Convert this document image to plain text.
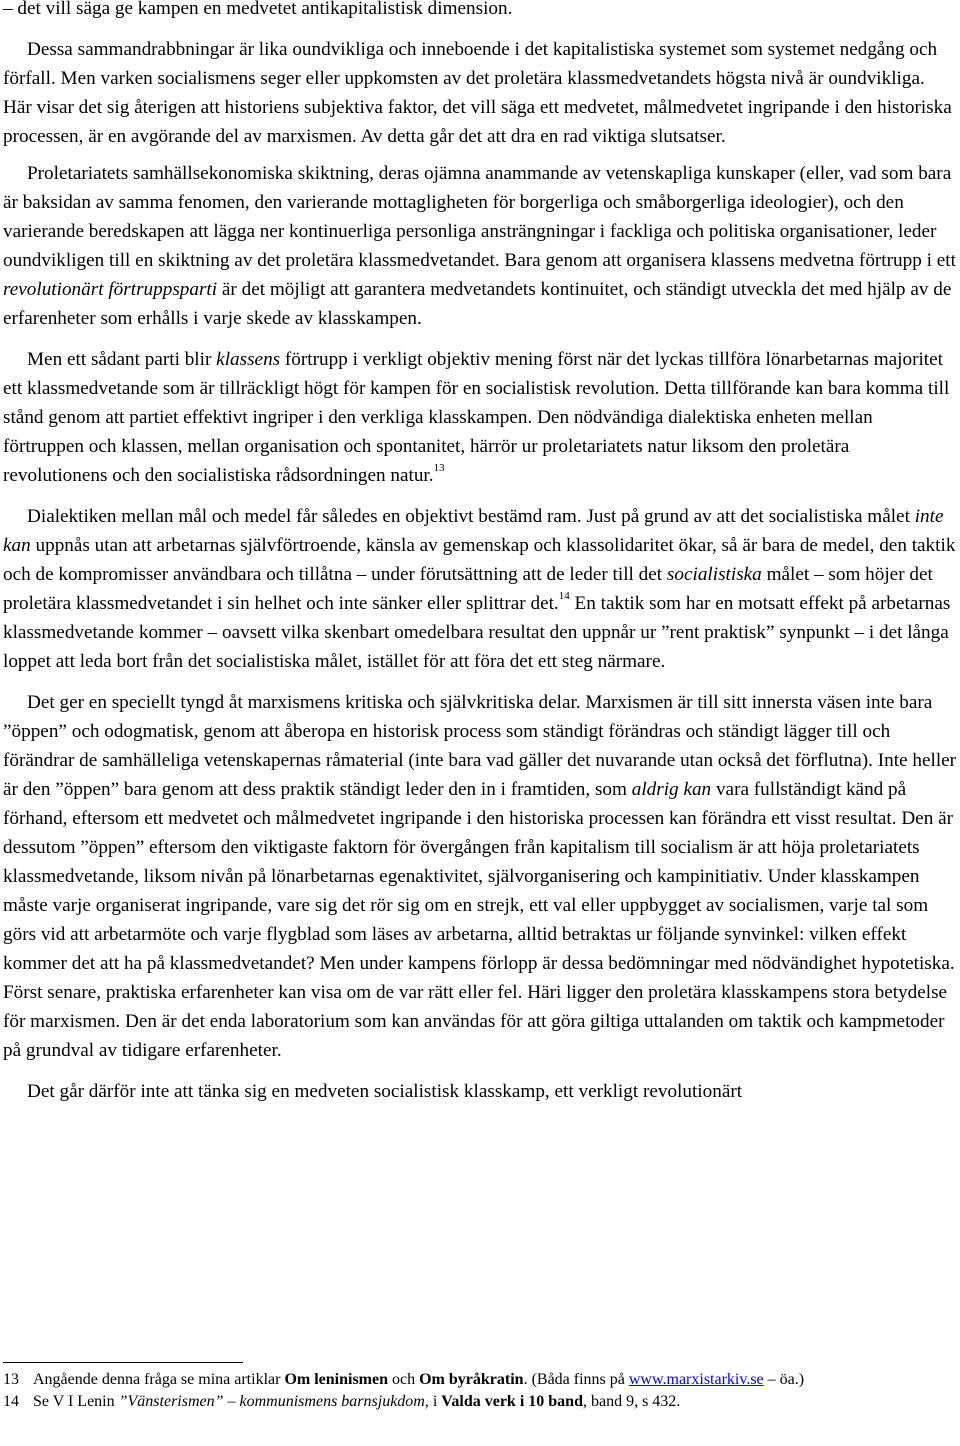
– det vill säga ge kampen en medvetet antikapitalistisk dimension.

Dessa sammandrabbningar är lika oundvikliga och inneboende i det kapitalistiska systemet som systemet nedgång och förfall. Men varken socialismens seger eller uppkomsten av det proletära klassmedvetandets högsta nivå är oundvikliga. Här visar det sig återigen att historiens subjektiva faktor, det vill säga ett medvetet, målmedvetet ingripande i den historiska processen, är en avgörande del av marxismen. Av detta går det att dra en rad viktiga slutsatser.

Proletariatets samhällsekonomiska skiktning, deras ojämna anammande av vetenskapliga kunskaper (eller, vad som bara är baksidan av samma fenomen, den varierande mottagligheten för borgerliga och småborgerliga ideologier), och den varierande beredskapen att lägga ner kontinuerliga personliga ansträngningar i fackliga och politiska organisationer, leder oundvikligen till en skiktning av det proletära klassmedvetandet. Bara genom att organisera klassens medvetna förtrupp i ett revolutionärt förtruppsparti är det möjligt att garantera medvetandets kontinuitet, och ständigt utveckla det med hjälp av de erfarenheter som erhålls i varje skede av klasskampen.

Men ett sådant parti blir klassens förtrupp i verkligt objektiv mening först när det lyckas tillföra lönarbetarnas majoritet ett klassmedvetande som är tillräckligt högt för kampen för en socialistisk revolution. Detta tillförande kan bara komma till stånd genom att partiet effektivt ingriper i den verkliga klasskampen. Den nödvändiga dialektiska enheten mellan förtruppen och klassen, mellan organisation och spontanitet, härrör ur proletariatets natur liksom den proletära revolutionens och den socialistiska rådsordningen natur.$^{13}$

Dialektiken mellan mål och medel får således en objektivt bestämd ram. Just på grund av att det socialistiska målet inte kan uppnås utan att arbetarnas självförtroende, känsla av gemenskap och klassolidaritet ökar, så är bara de medel, den taktik och de kompromisser användbara och tillåtna – under förutsättning att de leder till det socialistiska målet – som höjer det proletära klassmedvetandet i sin helhet och inte sänker eller splittrar det.$^{14}$ En taktik som har en motsatt effekt på arbetarnas klassmedvetande kommer – oavsett vilka skenbart omedelbara resultat den uppnår ur ”rent praktisk” synpunkt – i det långa loppet att leda bort från det socialistiska målet, istället för att föra det ett steg närmare.

Det ger en speciellt tyngd åt marxismens kritiska och självkritiska delar. Marxismen är till sitt innersta väsen inte bara ”öppen” och odogmatisk, genom att åberopa en historisk process som ständigt förändras och ständigt lägger till och förändrar de samhälleliga vetenskapernas råmaterial (inte bara vad gäller det nuvarande utan också det förflutna). Inte heller är den ”öppen” bara genom att dess praktik ständigt leder den in i framtiden, som aldrig kan vara fullständigt känd på förhand, eftersom ett medvetet och målmedvetet ingripande i den historiska processen kan förändra ett visst resultat. Den är dessutom ”öppen” eftersom den viktigaste faktorn för övergången från kapitalism till socialism är att höja proletariatets klassmedvetande, liksom nivån på lönarbetarnas egenaktivitet, självorganisering och kampinitiativ. Under klasskampen måste varje organiserat ingripande, vare sig det rör sig om en strejk, ett val eller uppbygget av socialismen, varje tal som görs vid att arbetarmöte och varje flygblad som läses av arbetarna, alltid betraktas ur följande synvinkel: vilken effekt kommer det att ha på klassmedvetandet? Men under kampens förlopp är dessa bedömningar med nödvändighet hypotetiska. Först senare, praktiska erfarenheter kan visa om de var rätt eller fel. Häri ligger den proletära klasskampens stora betydelse för marxismen. Den är det enda laboratorium som kan användas för att göra giltiga uttalanden om taktik och kampmetoder på grundval av tidigare erfarenheter.

Det går därför inte att tänka sig en medveten socialistisk klasskamp, ett verkligt revolutionärt

13 Angående denna fråga se mina artiklar Om leninismen och Om byråkratin. (Båda finns på www.marxistarkiv.se – öa.)
14 Se V I Lenin ”Vänsterismen” – kommunismens barnsjukdom, i Valda verk i 10 band, band 9, s 432.
